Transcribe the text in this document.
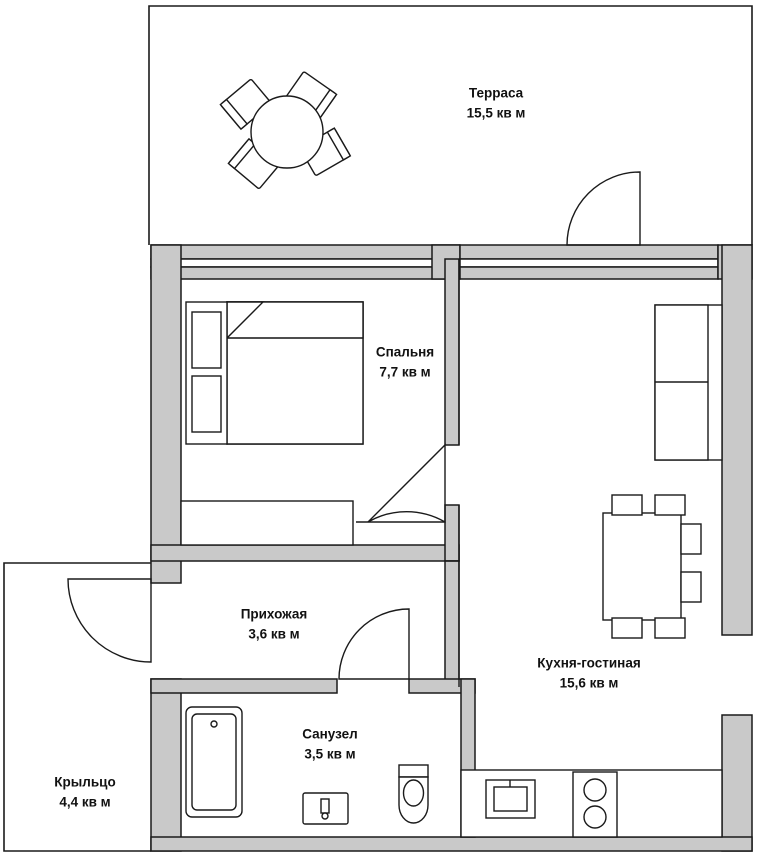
Терраса
15,5 кв м
Спальня
7,7 кв м
Прихожая
3,6 кв м
Кухня-гостиная
15,6 кв м
Санузел
3,5 кв м
Крыльцо
4,4 кв м
